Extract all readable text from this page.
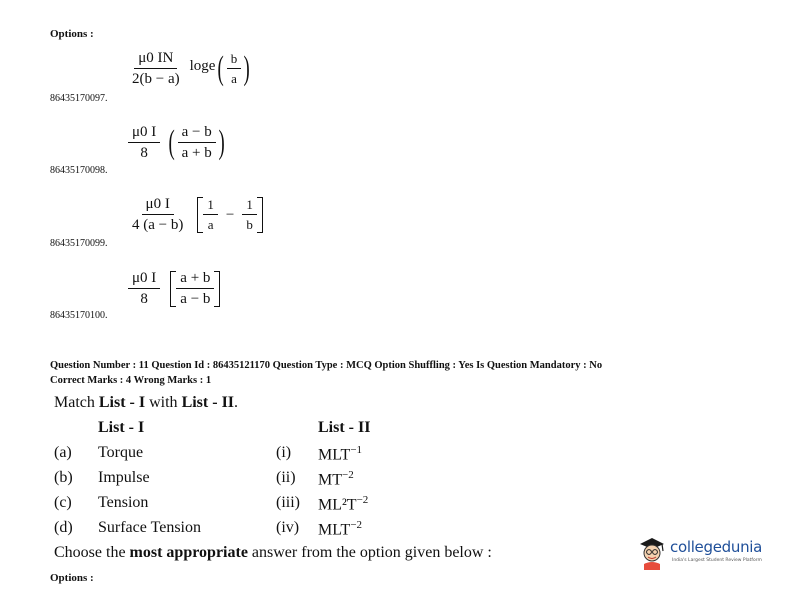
Options :
86435170097.
$\frac{\mu 0 IN}{2(b - a)}$ loge ( $\frac{b}{a}$ )
86435170098.
$\frac{\mu 0 I}{8}$ ( $\frac{a - b}{a + b}$ )
86435170099.
$\frac{\mu 0 I}{4 (a - b)} \frac{1}{a} - \frac{1}{b}$
86435170100.
$\frac{\mu 0 I}{8} \frac{a + b}{a - b}$
Question Number : 11 Question Id : 86435121170 Question Type : MCQ Option Shuffling : Yes Is Question Mandatory : No
Correct Marks : 4 Wrong Marks : 1
Match List - I with List - II.
List - I	List - II
(a) Torque	(i) $MLT^{-1}$
(b) Impulse	(ii) $MT^{-2}$
(c) Tension	(iii) $ML^2T^{-2}$
(d) Surface Tension	(iv) $MLT^{-2}$
Choose the most appropriate answer from the option given below :
Options :
collegedunia
India's Largest Student Review Platform
